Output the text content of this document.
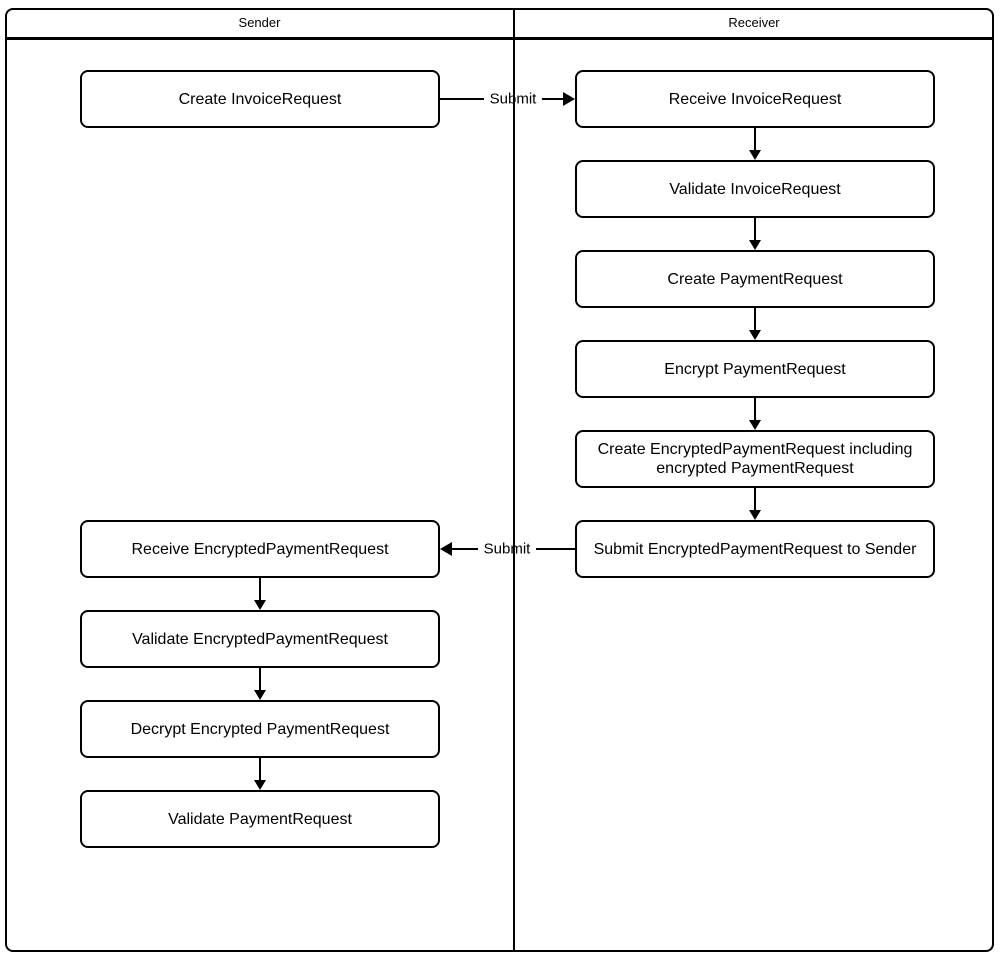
Sender	Receiver
Create InvoiceRequest
Receive EncryptedPaymentRequest
Validate EncryptedPaymentRequest
Decrypt Encrypted PaymentRequest
Validate PaymentRequest
Receive InvoiceRequest
Validate InvoiceRequest
Create PaymentRequest
Encrypt PaymentRequest
Create EncryptedPaymentRequest including encrypted PaymentRequest
Submit EncryptedPaymentRequest to Sender
Submit
Submit
